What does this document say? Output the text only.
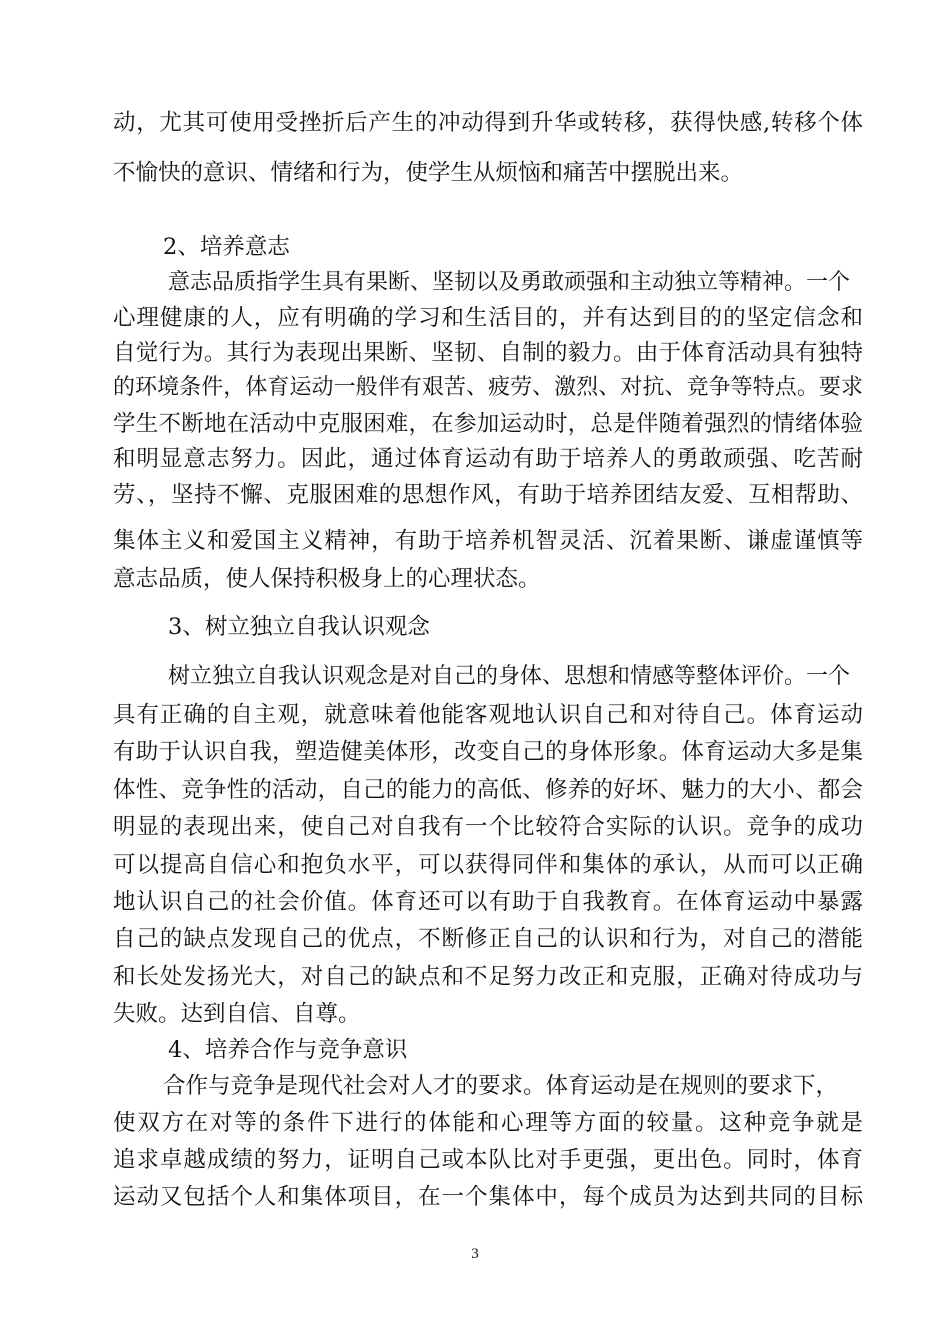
动，尤其可使用受挫折后产生的冲动得到升华或转移，获得快感,转移个体
不愉快的意识、情绪和行为，使学生从烦恼和痛苦中摆脱出来。
2、培养意志
意志品质指学生具有果断、坚韧以及勇敢顽强和主动独立等精神。一个
心理健康的人，应有明确的学习和生活目的，并有达到目的的坚定信念和
自觉行为。其行为表现出果断、坚韧、自制的毅力。由于体育活动具有独特
的环境条件，体育运动一般伴有艰苦、疲劳、激烈、对抗、竞争等特点。要求
学生不断地在活动中克服困难，在参加运动时，总是伴随着强烈的情绪体验
和明显意志努力。因此，通过体育运动有助于培养人的勇敢顽强、吃苦耐
劳、，坚持不懈、克服困难的思想作风，有助于培养团结友爱、互相帮助、
集体主义和爱国主义精神，有助于培养机智灵活、沉着果断、谦虚谨慎等
意志品质，使人保持积极身上的心理状态。
3、树立独立自我认识观念
树立独立自我认识观念是对自己的身体、思想和情感等整体评价。一个
具有正确的自主观，就意味着他能客观地认识自己和对待自己。体育运动
有助于认识自我，塑造健美体形，改变自己的身体形象。体育运动大多是集
体性、竞争性的活动，自己的能力的高低、修养的好坏、魅力的大小、都会
明显的表现出来，使自己对自我有一个比较符合实际的认识。竞争的成功
可以提高自信心和抱负水平，可以获得同伴和集体的承认，从而可以正确
地认识自己的社会价值。体育还可以有助于自我教育。在体育运动中暴露
自己的缺点发现自己的优点，不断修正自己的认识和行为，对自己的潜能
和长处发扬光大，对自己的缺点和不足努力改正和克服，正确对待成功与
失败。达到自信、自尊。
4、培养合作与竞争意识
合作与竞争是现代社会对人才的要求。体育运动是在规则的要求下，
使双方在对等的条件下进行的体能和心理等方面的较量。这种竞争就是
追求卓越成绩的努力，证明自己或本队比对手更强，更出色。同时，体育
运动又包括个人和集体项目，在一个集体中，每个成员为达到共同的目标
3
